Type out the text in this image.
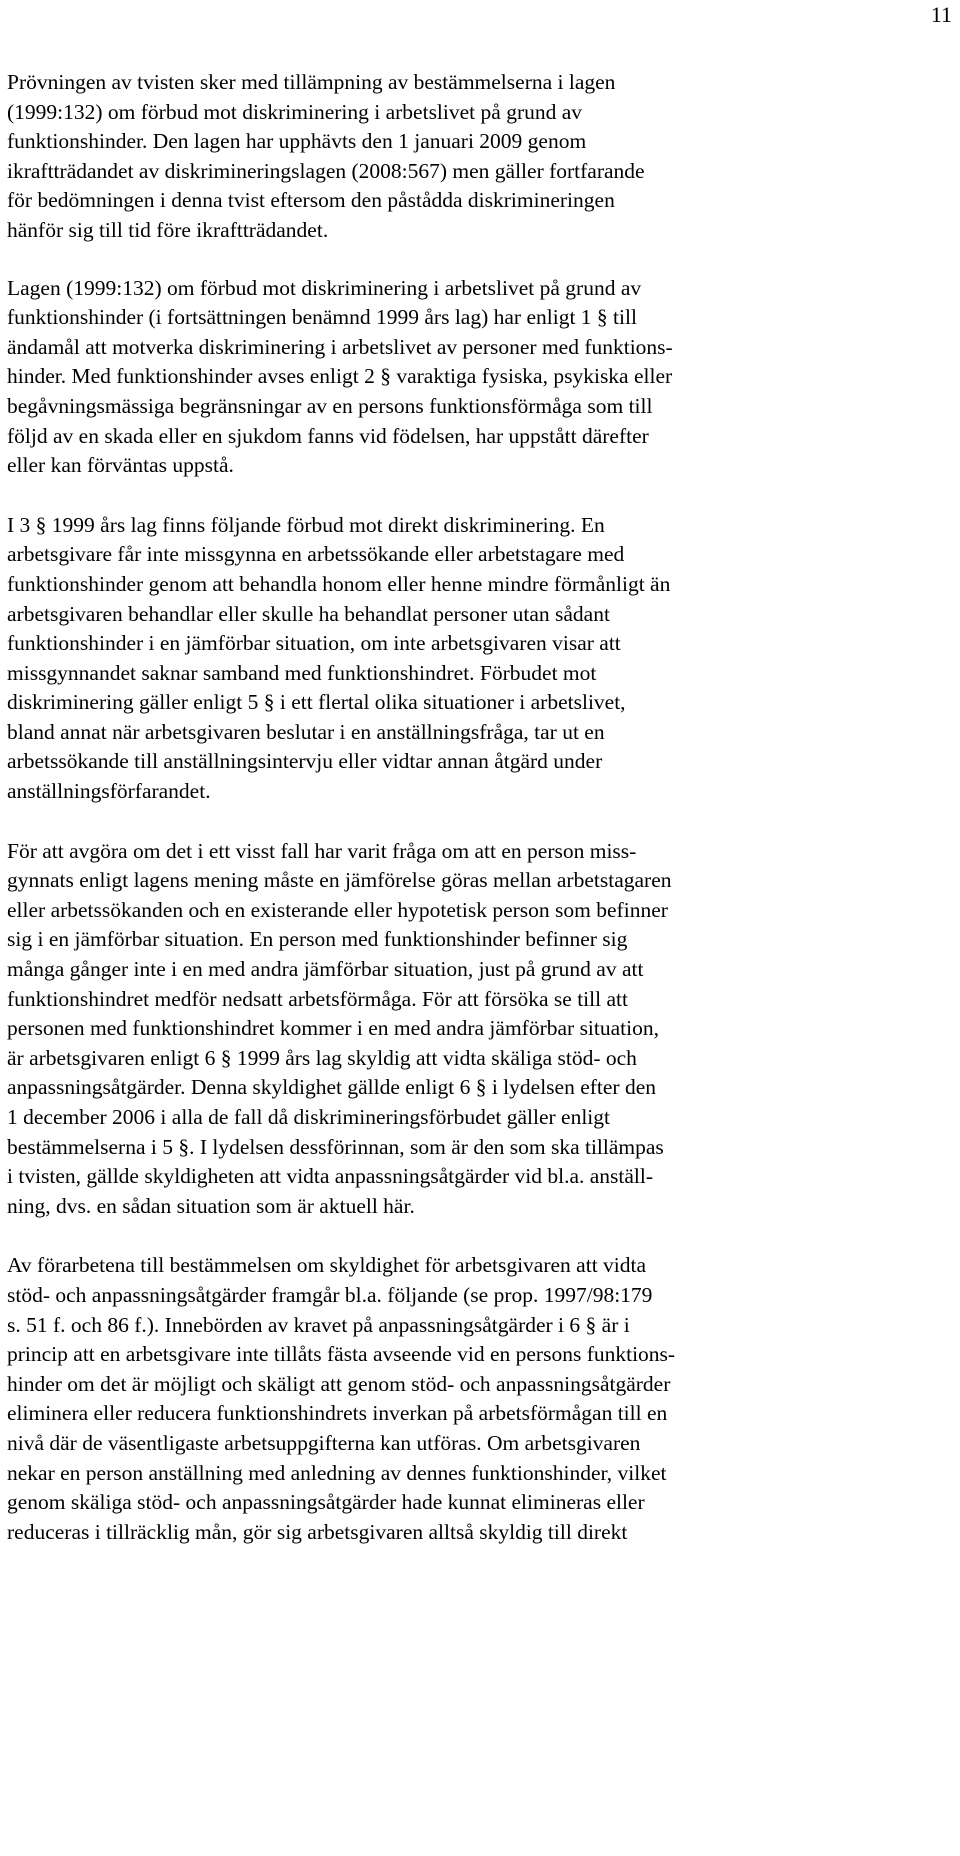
11

Prövningen av tvisten sker med tillämpning av bestämmelserna i lagen
(1999:132) om förbud mot diskriminering i arbetslivet på grund av
funktionshinder. Den lagen har upphävts den 1 januari 2009 genom
ikraftträdandet av diskrimineringslagen (2008:567) men gäller fortfarande
för bedömningen i denna tvist eftersom den påstådda diskrimineringen
hänför sig till tid före ikraftträdandet.

Lagen (1999:132) om förbud mot diskriminering i arbetslivet på grund av
funktionshinder (i fortsättningen benämnd 1999 års lag) har enligt 1 § till
ändamål att motverka diskriminering i arbetslivet av personer med funktions-
hinder. Med funktionshinder avses enligt 2 § varaktiga fysiska, psykiska eller
begåvningsmässiga begränsningar av en persons funktionsförmåga som till
följd av en skada eller en sjukdom fanns vid födelsen, har uppstått därefter
eller kan förväntas uppstå.

I 3 § 1999 års lag finns följande förbud mot direkt diskriminering. En
arbetsgivare får inte missgynna en arbetssökande eller arbetstagare med
funktionshinder genom att behandla honom eller henne mindre förmånligt än
arbetsgivaren behandlar eller skulle ha behandlat personer utan sådant
funktionshinder i en jämförbar situation, om inte arbetsgivaren visar att
missgynnandet saknar samband med funktionshindret. Förbudet mot
diskriminering gäller enligt 5 § i ett flertal olika situationer i arbetslivet,
bland annat när arbetsgivaren beslutar i en anställningsfråga, tar ut en
arbetssökande till anställningsintervju eller vidtar annan åtgärd under
anställningsförfarandet.

För att avgöra om det i ett visst fall har varit fråga om att en person miss-
gynnats enligt lagens mening måste en jämförelse göras mellan arbetstagaren
eller arbetssökanden och en existerande eller hypotetisk person som befinner
sig i en jämförbar situation. En person med funktionshinder befinner sig
många gånger inte i en med andra jämförbar situation, just på grund av att
funktionshindret medför nedsatt arbetsförmåga. För att försöka se till att
personen med funktionshindret kommer i en med andra jämförbar situation,
är arbetsgivaren enligt 6 § 1999 års lag skyldig att vidta skäliga stöd- och
anpassningsåtgärder. Denna skyldighet gällde enligt 6 § i lydelsen efter den
1 december 2006 i alla de fall då diskrimineringsförbudet gäller enligt
bestämmelserna i 5 §. I lydelsen dessförinnan, som är den som ska tillämpas
i tvisten, gällde skyldigheten att vidta anpassningsåtgärder vid bl.a. anställ-
ning, dvs. en sådan situation som är aktuell här.

Av förarbetena till bestämmelsen om skyldighet för arbetsgivaren att vidta
stöd- och anpassningsåtgärder framgår bl.a. följande (se prop. 1997/98:179
s. 51 f. och 86 f.). Innebörden av kravet på anpassningsåtgärder i 6 § är i
princip att en arbetsgivare inte tillåts fästa avseende vid en persons funktions-
hinder om det är möjligt och skäligt att genom stöd- och anpassningsåtgärder
eliminera eller reducera funktionshindrets inverkan på arbetsförmågan till en
nivå där de väsentligaste arbetsuppgifterna kan utföras. Om arbetsgivaren
nekar en person anställning med anledning av dennes funktionshinder, vilket
genom skäliga stöd- och anpassningsåtgärder hade kunnat elimineras eller
reduceras i tillräcklig mån, gör sig arbetsgivaren alltså skyldig till direkt
